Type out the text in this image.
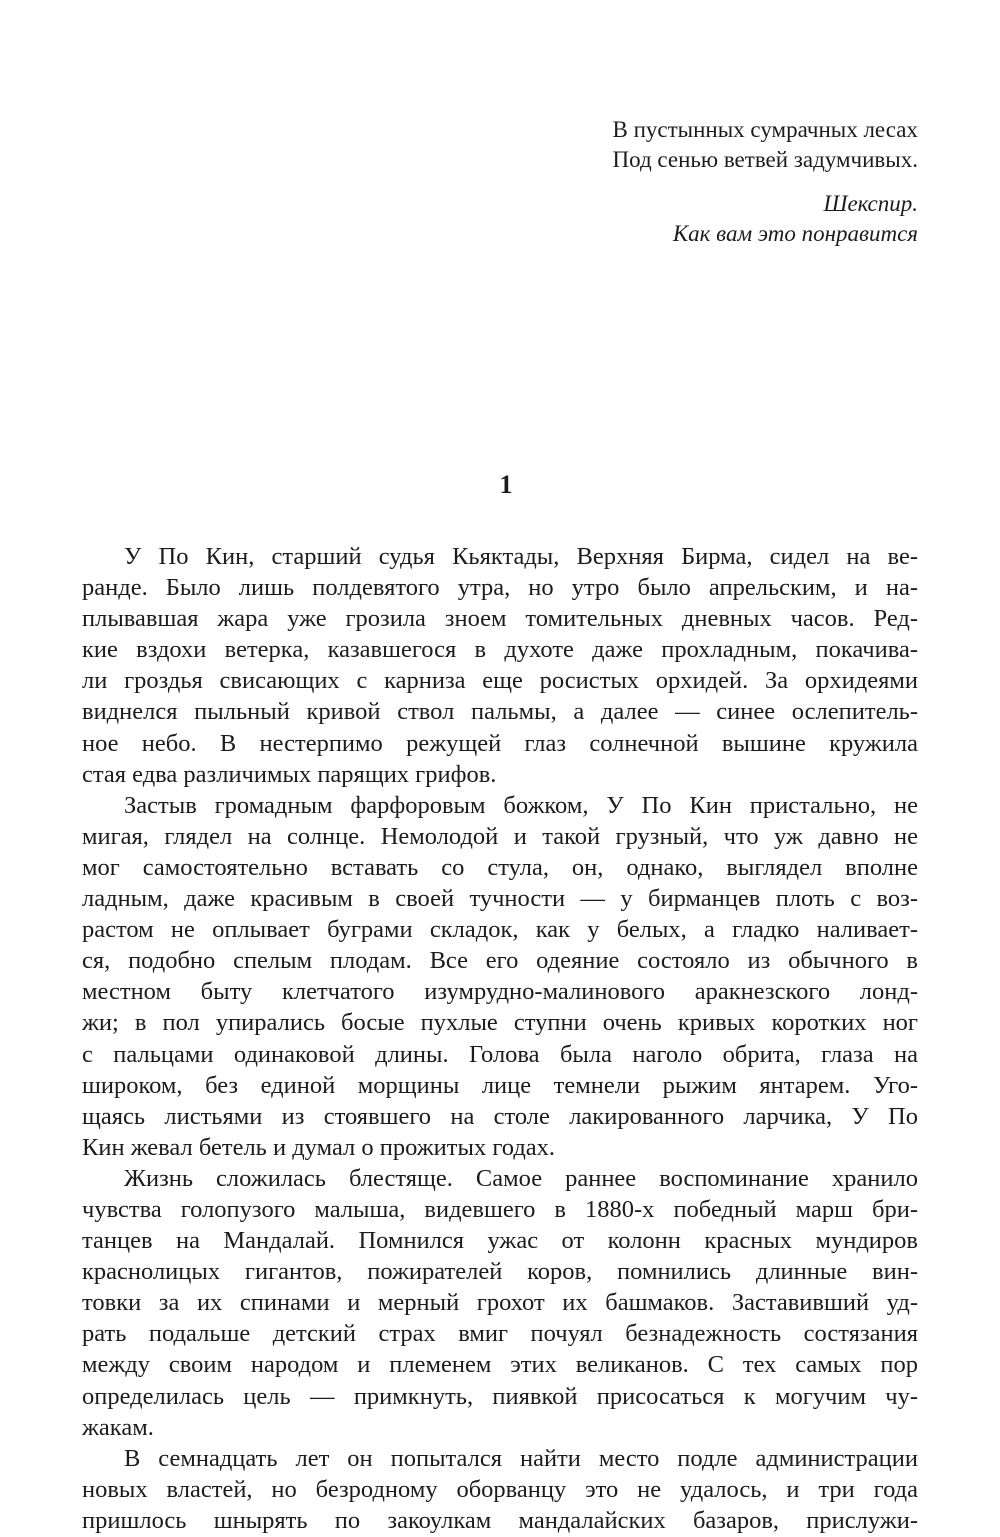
В пустынных сумрачных лесах
Под сенью ветвей задумчивых.
Шекспир.
Как вам это понравится
1

У По Кин, старший судья Кьяктады, Верхняя Бирма, сидел на ве-
ранде. Было лишь полдевятого утра, но утро было апрельским, и на-
плывавшая жара уже грозила зноем томительных дневных часов. Ред-
кие вздохи ветерка, казавшегося в духоте даже прохладным, покачива-
ли гроздья свисающих с карниза еще росистых орхидей. За орхидеями
виднелся пыльный кривой ствол пальмы, а далее — синее ослепитель-
ное небо. В нестерпимо режущей глаз солнечной вышине кружила
стая едва различимых парящих грифов.

Застыв громадным фарфоровым божком, У По Кин пристально, не
мигая, глядел на солнце. Немолодой и такой грузный, что уж давно не
мог самостоятельно вставать со стула, он, однако, выглядел вполне
ладным, даже красивым в своей тучности — у бирманцев плоть с воз-
растом не оплывает буграми складок, как у белых, а гладко наливает-
ся, подобно спелым плодам. Все его одеяние состояло из обычного в
местном быту клетчатого изумрудно-малинового аракнезского лонд-
жи; в пол упирались босые пухлые ступни очень кривых коротких ног
с пальцами одинаковой длины. Голова была наголо обрита, глаза на
широком, без единой морщины лице темнели рыжим янтарем. Уго-
щаясь листьями из стоявшего на столе лакированного ларчика, У По
Кин жевал бетель и думал о прожитых годах.

Жизнь сложилась блестяще. Самое раннее воспоминание хранило
чувства голопузого малыша, видевшего в 1880-х победный марш бри-
танцев на Мандалай. Помнился ужас от колонн красных мундиров
краснолицых гигантов, пожирателей коров, помнились длинные вин-
товки за их спинами и мерный грохот их башмаков. Заставивший уд-
рать подальше детский страх вмиг почуял безнадежность состязания
между своим народом и племенем этих великанов. С тех самых пор
определилась цель — примкнуть, пиявкой присосаться к могучим чу-
жакам.

В семнадцать лет он попытался найти место подле администрации
новых властей, но безродному оборванцу это не удалось, и три года
пришлось шнырять по закоулкам мандалайских базаров, прислужи-
